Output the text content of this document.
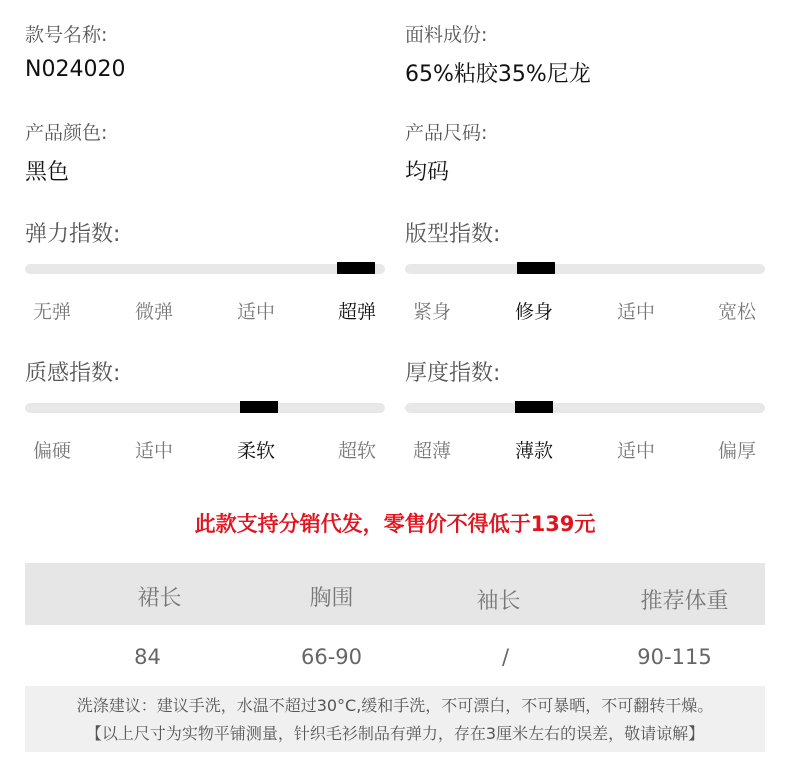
款号名称:
N024020
面料成份:
65%粘胶35%尼龙
产品颜色:
黑色
产品尺码:
均码
弹力指数:
无弹	微弹	适中	超弹
版型指数:
紧身	修身	适中	宽松
质感指数:
偏硬	适中	柔软	超软
厚度指数:
超薄	薄款	适中	偏厚
此款支持分销代发，零售价不得低于139元
裙长	胸围	袖长	推荐体重
84	66-90	/	90-115
洗涤建议：建议手洗，水温不超过30°C,缓和手洗，不可漂白，不可暴晒，不可翻转干燥。
【以上尺寸为实物平铺测量，针织毛衫制品有弹力，存在3厘米左右的误差，敬请谅解】
